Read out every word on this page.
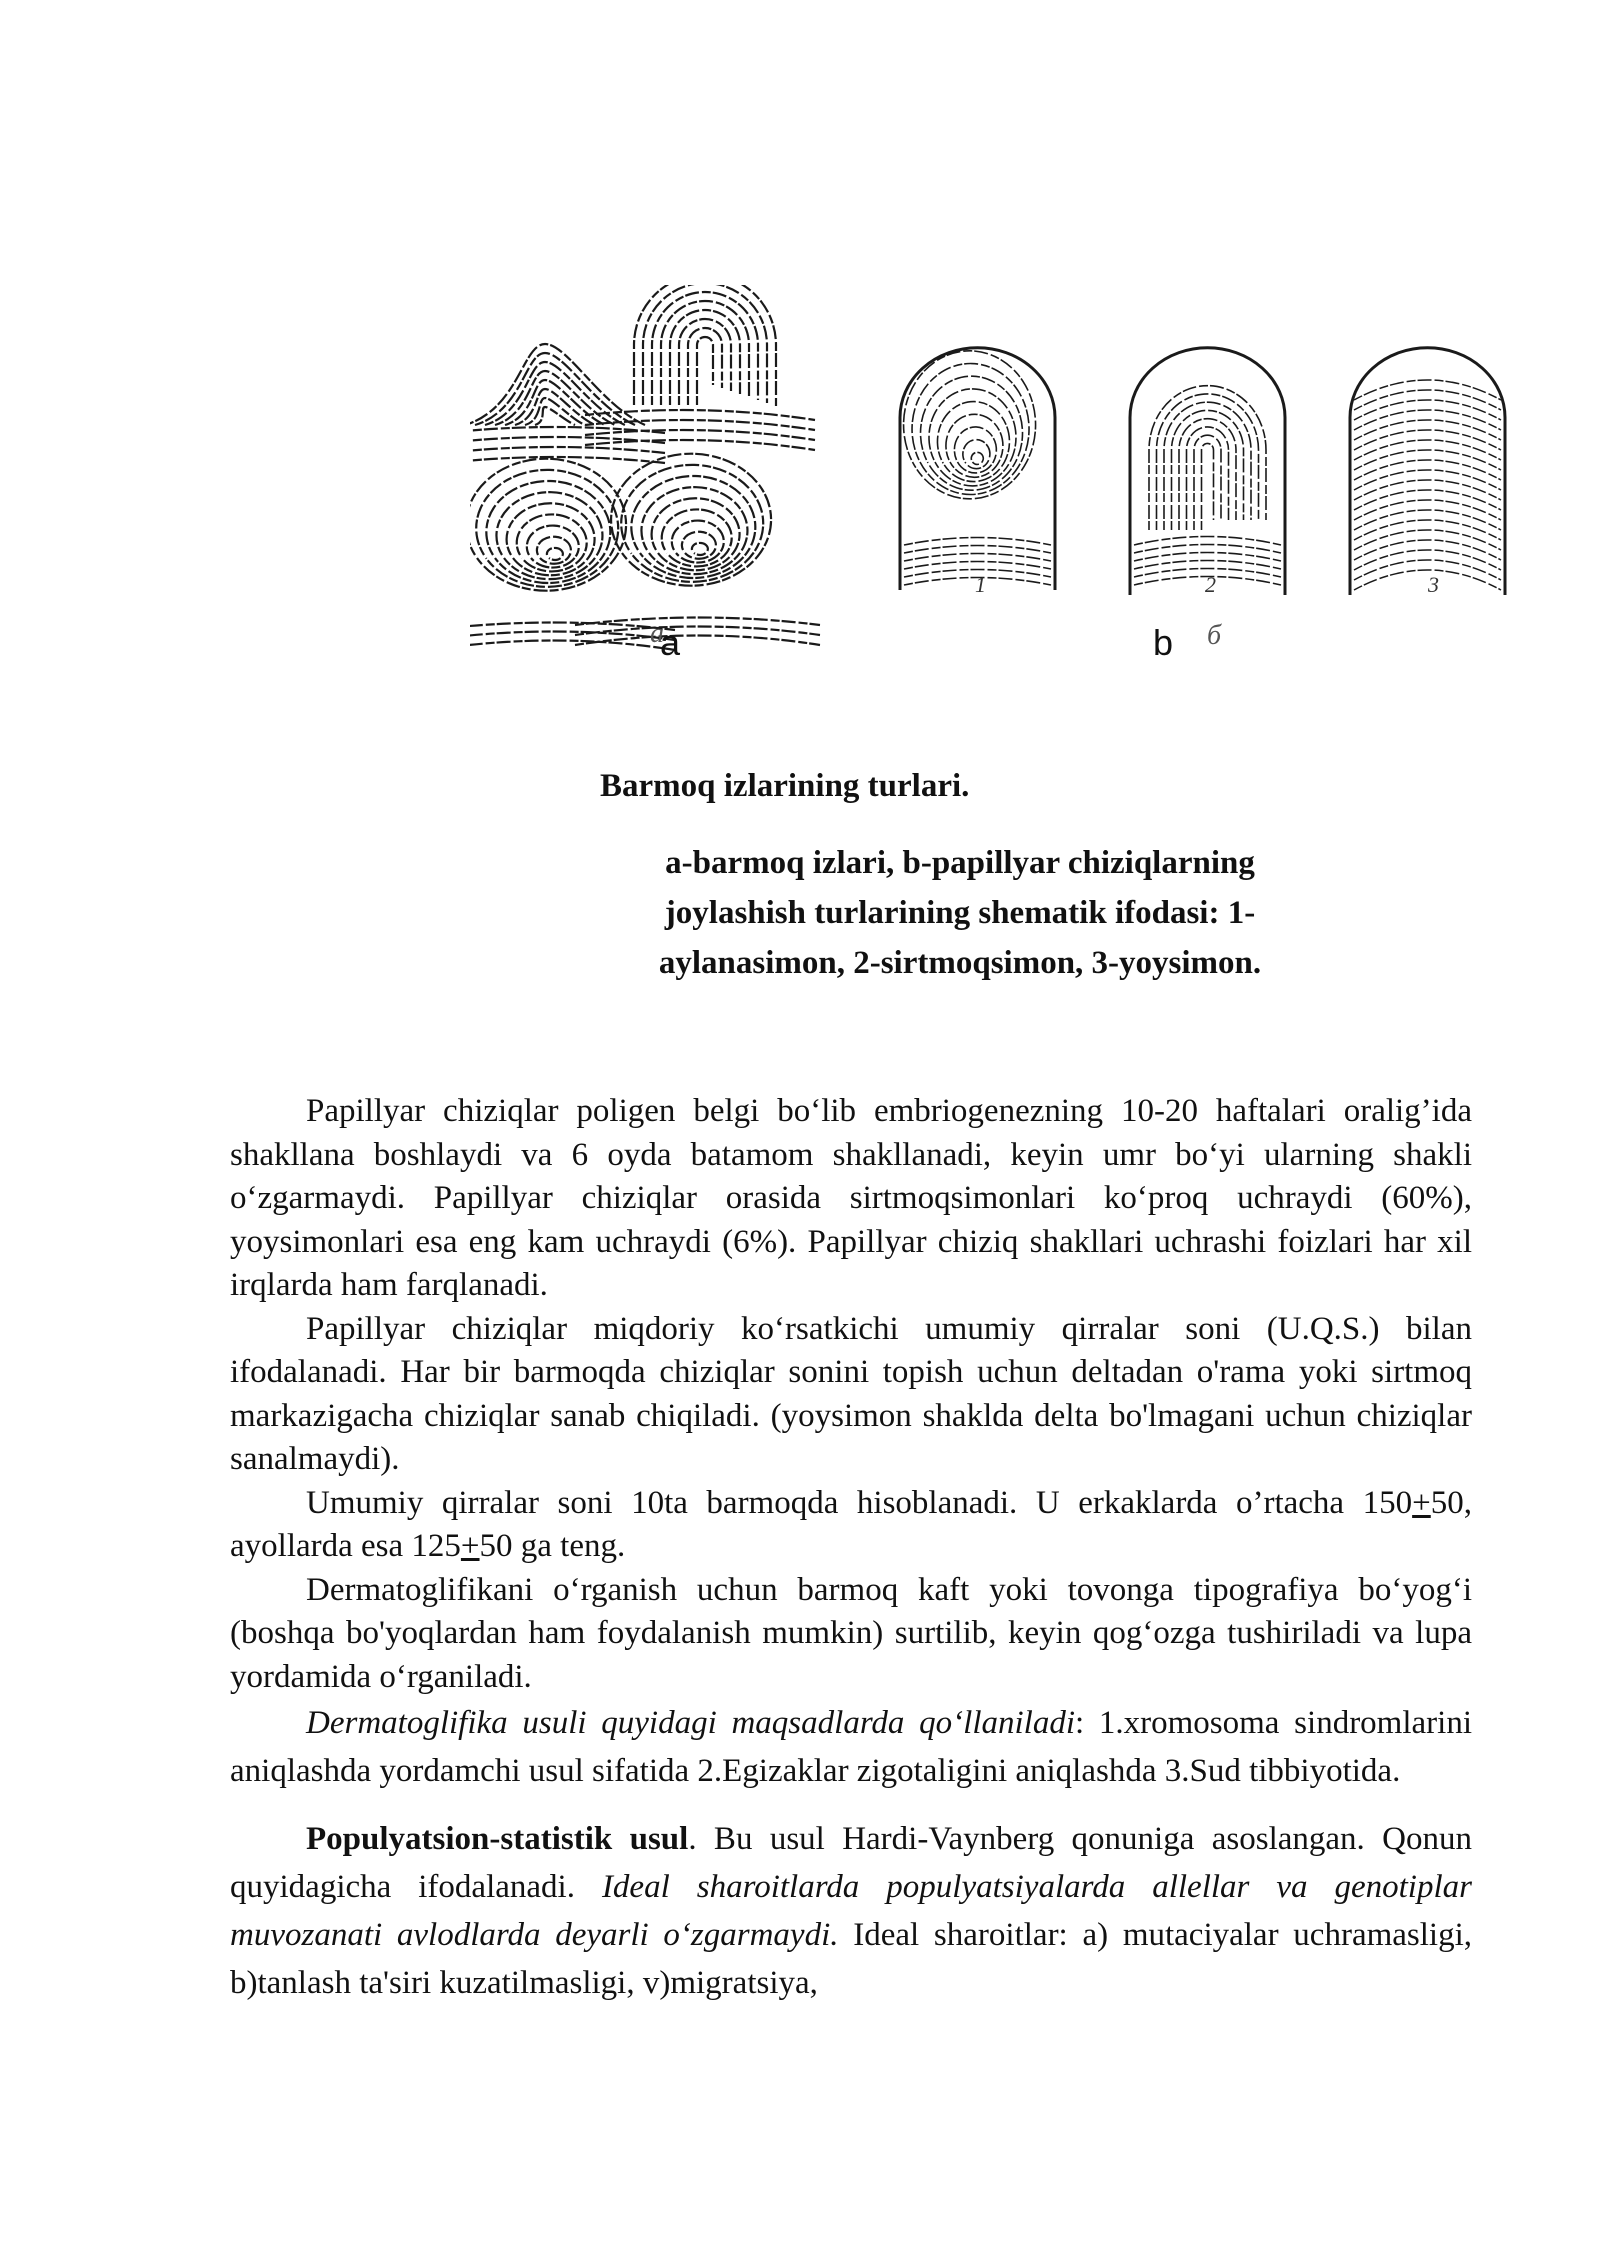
1	2	3
a
a	b б
Barmoq izlarining turlari.
a-barmoq izlari, b-papillyar chiziqlarning
joylashish turlarining shematik ifodasi: 1-
aylanasimon, 2-sirtmoqsimon, 3-yoysimon.

Papillyar chiziqlar poligen belgi bo‘lib embriogenezning 10-20 haftalari oralig’ida shakllana boshlaydi va 6 oyda batamom shakllanadi, keyin umr bo‘yi ularning shakli o‘zgarmaydi. Papillyar chiziqlar orasida sirtmoqsimonlari ko‘proq uchraydi (60%), yoysimonlari esa eng kam uchraydi (6%). Papillyar chiziq shakllari uchrashi foizlari har xil irqlarda ham farqlanadi.

Papillyar chiziqlar miqdoriy ko‘rsatkichi umumiy qirralar soni (U.Q.S.) bilan ifodalanadi. Har bir barmoqda chiziqlar sonini topish uchun deltadan o'rama yoki sirtmoq markazigacha chiziqlar sanab chiqiladi. (yoysimon shaklda delta bo'lmagani uchun chiziqlar sanalmaydi).

Umumiy qirralar soni 10ta barmoqda hisoblanadi. U erkaklarda o’rtacha 150+50, ayollarda esa 125+50 ga teng.

Dermatoglifikani o‘rganish uchun barmoq kaft yoki tovonga tipografiya bo‘yog‘i (boshqa bo'yoqlardan ham foydalanish mumkin) surtilib, keyin qog‘ozga tushiriladi va lupa yordamida o‘rganiladi.

Dermatoglifika usuli quyidagi maqsadlarda qo‘llaniladi: 1.xromosoma sindromlarini aniqlashda yordamchi usul sifatida 2.Egizaklar zigotaligini aniqlashda 3.Sud tibbiyotida.

Populyatsion-statistik usul. Bu usul Hardi-Vaynberg qonuniga asoslangan. Qonun quyidagicha ifodalanadi. Ideal sharoitlarda populyatsiyalarda allellar va genotiplar muvozanati avlodlarda deyarli o‘zgarmaydi. Ideal sharoitlar: a) mutaciyalar uchramasligi, b)tanlash ta'siri kuzatilmasligi, v)migratsiya,
